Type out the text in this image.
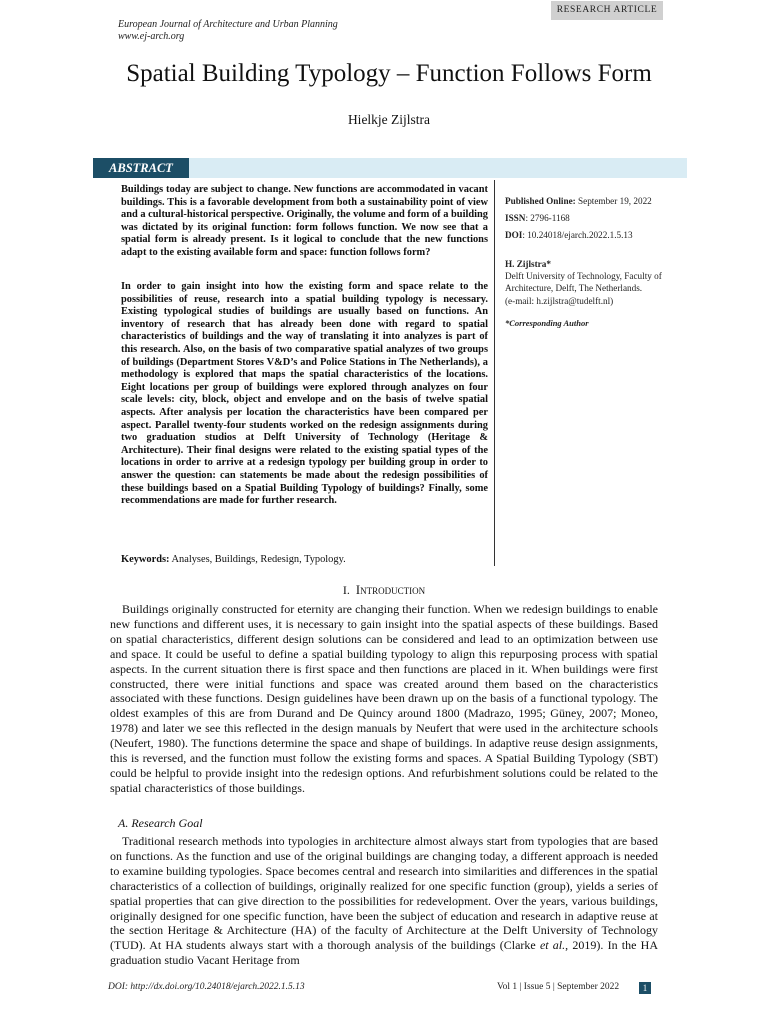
European Journal of Architecture and Urban Planning
www.ej-arch.org
RESEARCH ARTICLE
Spatial Building Typology – Function Follows Form
Hielkje Zijlstra
ABSTRACT
Buildings today are subject to change. New functions are accommodated in vacant buildings. This is a favorable development from both a sustainability point of view and a cultural-historical perspective. Originally, the volume and form of a building was dictated by its original function: form follows function. We now see that a spatial form is already present. Is it logical to conclude that the new functions adapt to the existing available form and space: function follows form?
In order to gain insight into how the existing form and space relate to the possibilities of reuse, research into a spatial building typology is necessary. Existing typological studies of buildings are usually based on functions. An inventory of research that has already been done with regard to spatial characteristics of buildings and the way of translating it into analyzes is part of this research. Also, on the basis of two comparative spatial analyzes of two groups of buildings (Department Stores V&D’s and Police Stations in The Netherlands), a methodology is explored that maps the spatial characteristics of the locations. Eight locations per group of buildings were explored through analyzes on four scale levels: city, block, object and envelope and on the basis of twelve spatial aspects. After analysis per location the characteristics have been compared per aspect. Parallel twenty-four students worked on the redesign assignments during two graduation studios at Delft University of Technology (Heritage & Architecture). Their final designs were related to the existing spatial types of the locations in order to arrive at a redesign typology per building group in order to answer the question: can statements be made about the redesign possibilities of these buildings based on a Spatial Building Typology of buildings? Finally, some recommendations are made for further research.
Keywords: Analyses, Buildings, Redesign, Typology.
Published Online: September 19, 2022
ISSN: 2796-1168
DOI: 10.24018/ejarch.2022.1.5.13
H. Zijlstra*
Delft University of Technology, Faculty of Architecture, Delft, The Netherlands.
(e-mail: h.zijlstra@tudelft.nl)
*Corresponding Author
I. Introduction
Buildings originally constructed for eternity are changing their function. When we redesign buildings to enable new functions and different uses, it is necessary to gain insight into the spatial aspects of these buildings. Based on spatial characteristics, different design solutions can be considered and lead to an optimization between use and space. It could be useful to define a spatial building typology to align this repurposing process with spatial aspects. In the current situation there is first space and then functions are placed in it. When buildings were first constructed, there were initial functions and space was created around them based on the characteristics associated with these functions. Design guidelines have been drawn up on the basis of a functional typology. The oldest examples of this are from Durand and De Quincy around 1800 (Madrazo, 1995; Güney, 2007; Moneo, 1978) and later we see this reflected in the design manuals by Neufert that were used in the architecture schools (Neufert, 1980). The functions determine the space and shape of buildings. In adaptive reuse design assignments, this is reversed, and the function must follow the existing forms and spaces. A Spatial Building Typology (SBT) could be helpful to provide insight into the redesign options. And refurbishment solutions could be related to the spatial characteristics of those buildings.
A. Research Goal
Traditional research methods into typologies in architecture almost always start from typologies that are based on functions. As the function and use of the original buildings are changing today, a different approach is needed to examine building typologies. Space becomes central and research into similarities and differences in the spatial characteristics of a collection of buildings, originally realized for one specific function (group), yields a series of spatial properties that can give direction to the possibilities for redevelopment. Over the years, various buildings, originally designed for one specific function, have been the subject of education and research in adaptive reuse at the section Heritage & Architecture (HA) of the faculty of Architecture at the Delft University of Technology (TUD). At HA students always start with a thorough analysis of the buildings (Clarke et al., 2019). In the HA graduation studio Vacant Heritage from
DOI: http://dx.doi.org/10.24018/ejarch.2022.1.5.13	Vol 1 | Issue 5 | September 2022	1
